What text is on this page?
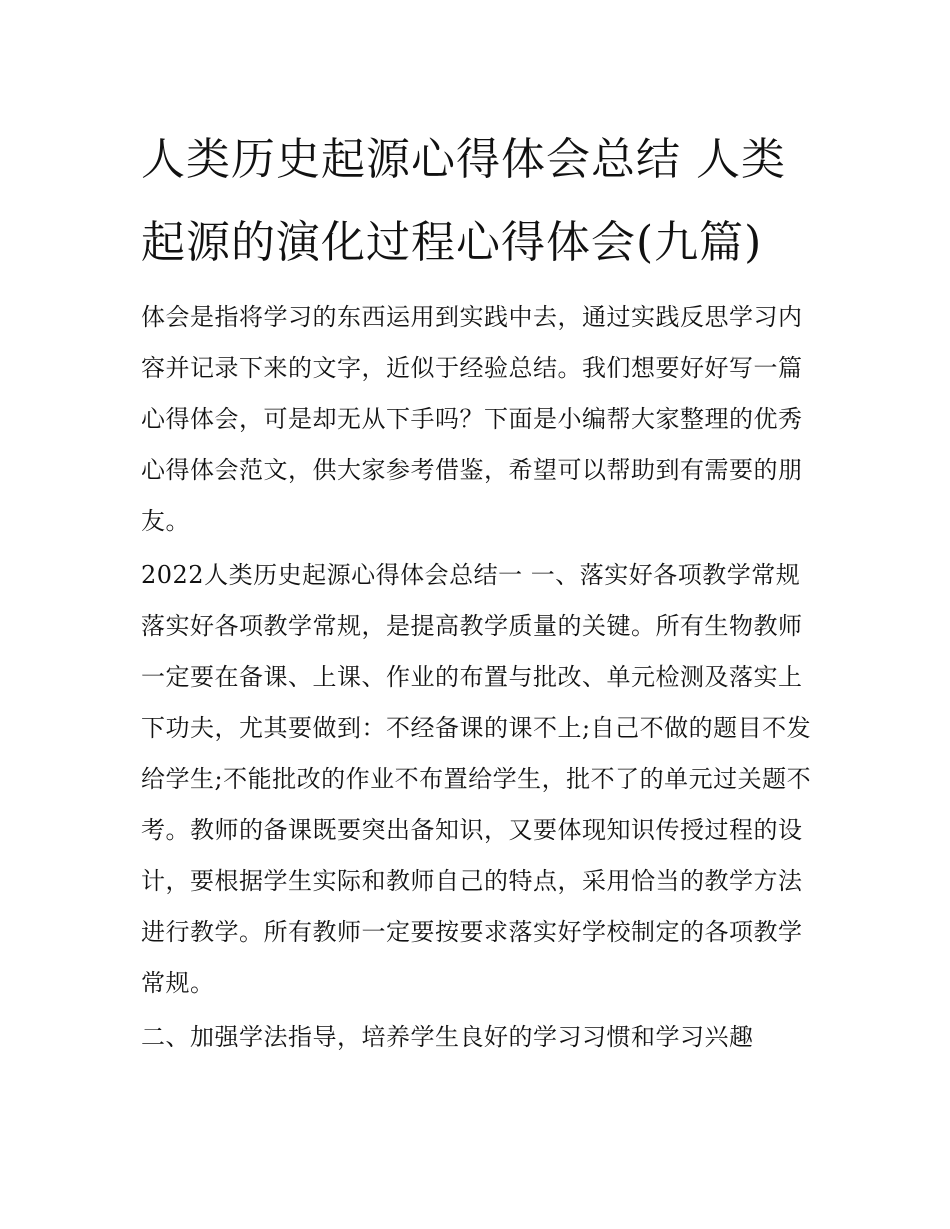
人类历史起源心得体会总结 人类起源的演化过程心得体会(九篇)

体会是指将学习的东西运用到实践中去，通过实践反思学习内容并记录下来的文字，近似于经验总结。我们想要好好写一篇心得体会，可是却无从下手吗？下面是小编帮大家整理的优秀心得体会范文，供大家参考借鉴，希望可以帮助到有需要的朋友。

2022人类历史起源心得体会总结一 一、落实好各项教学常规落实好各项教学常规，是提高教学质量的关键。所有生物教师一定要在备课、上课、作业的布置与批改、单元检测及落实上下功夫，尤其要做到：不经备课的课不上;自己不做的题目不发给学生;不能批改的作业不布置给学生，批不了的单元过关题不考。教师的备课既要突出备知识，又要体现知识传授过程的设计，要根据学生实际和教师自己的特点，采用恰当的教学方法进行教学。所有教师一定要按要求落实好学校制定的各项教学常规。

二、加强学法指导，培养学生良好的学习习惯和学习兴趣
